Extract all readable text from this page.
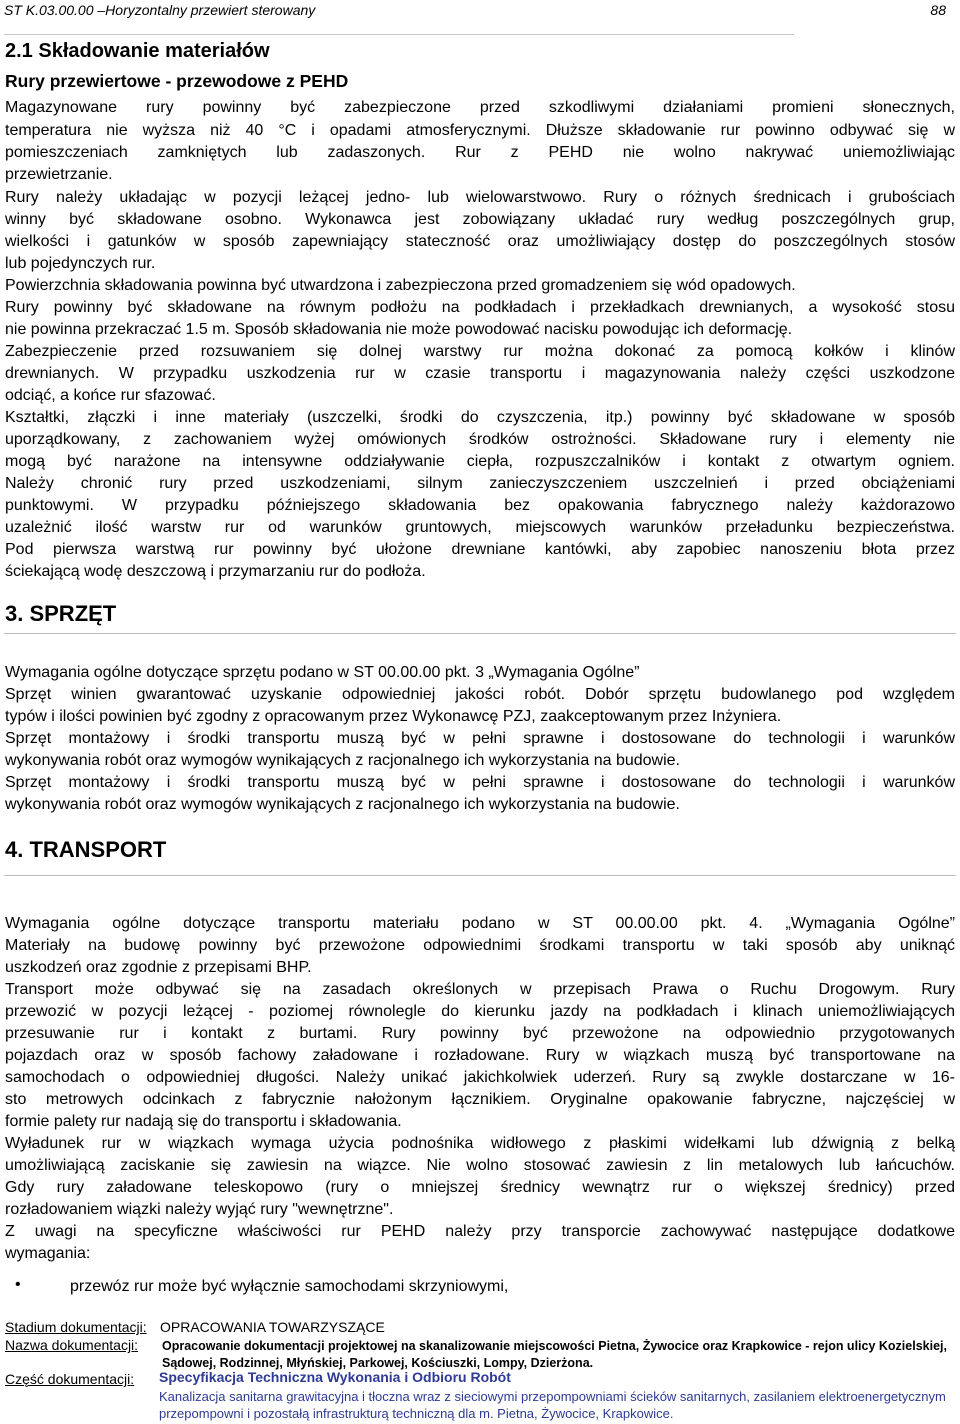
ST K.03.00.00 –Horyzontalny przewiert sterowany	88
2.1 Składowanie materiałów
Rury przewiertowe - przewodowe z PEHD
Magazynowane rury powinny być zabezpieczone przed szkodliwymi działaniami promieni słonecznych,
temperatura nie wyższa niż 40 °C i opadami atmosferycznymi. Dłuższe składowanie rur powinno odbywać się w
pomieszczeniach zamkniętych lub zadaszonych. Rur z PEHD nie wolno nakrywać uniemożliwiając
przewietrzanie.
Rury należy układając w pozycji leżącej jedno- lub wielowarstwowo. Rury o różnych średnicach i grubościach
winny być składowane osobno. Wykonawca jest zobowiązany układać rury według poszczególnych grup,
wielkości i gatunków w sposób zapewniający stateczność oraz umożliwiający dostęp do poszczególnych stosów
lub pojedynczych rur.
Powierzchnia składowania powinna być utwardzona i zabezpieczona przed gromadzeniem się wód opadowych.
Rury powinny być składowane na równym podłożu na podkładach i przekładkach drewnianych, a wysokość stosu
nie powinna przekraczać 1.5 m. Sposób składowania nie może powodować nacisku powodując ich deformację.
Zabezpieczenie przed rozsuwaniem się dolnej warstwy rur można dokonać za pomocą kołków i klinów
drewnianych. W przypadku uszkodzenia rur w czasie transportu i magazynowania należy części uszkodzone
odciąć, a końce rur sfazować.
Kształtki, złączki i inne materiały (uszczelki, środki do czyszczenia, itp.) powinny być składowane w sposób
uporządkowany, z zachowaniem wyżej omówionych środków ostrożności. Składowane rury i elementy nie
mogą być narażone na intensywne oddziaływanie ciepła, rozpuszczalników i kontakt z otwartym ogniem.
Należy chronić rury przed uszkodzeniami, silnym zanieczyszczeniem uszczelnień i przed obciążeniami
punktowymi. W przypadku późniejszego składowania bez opakowania fabrycznego należy każdorazowo
uzależnić ilość warstw rur od warunków gruntowych, miejscowych warunków przeładunku bezpieczeństwa.
Pod pierwsza warstwą rur powinny być ułożone drewniane kantówki, aby zapobiec nanoszeniu błota przez
ściekającą wodę deszczową i przymarzaniu rur do podłoża.
3. SPRZĘT
Wymagania ogólne dotyczące sprzętu podano w ST 00.00.00 pkt. 3 „Wymagania Ogólne”
Sprzęt winien gwarantować uzyskanie odpowiedniej jakości robót. Dobór sprzętu budowlanego pod względem
typów i ilości powinien być zgodny z opracowanym przez Wykonawcę PZJ, zaakceptowanym przez Inżyniera.
Sprzęt montażowy i środki transportu muszą być w pełni sprawne i dostosowane do technologii i warunków
wykonywania robót oraz wymogów wynikających z racjonalnego ich wykorzystania na budowie.
Sprzęt montażowy i środki transportu muszą być w pełni sprawne i dostosowane do technologii i warunków
wykonywania robót oraz wymogów wynikających z racjonalnego ich wykorzystania na budowie.
4. TRANSPORT
Wymagania ogólne dotyczące transportu materiału podano w ST 00.00.00 pkt. 4. „Wymagania Ogólne”
Materiały na budowę powinny być przewożone odpowiednimi środkami transportu w taki sposób aby uniknąć
uszkodzeń oraz zgodnie z przepisami BHP.
Transport może odbywać się na zasadach określonych w przepisach Prawa o Ruchu Drogowym. Rury
przewozić w pozycji leżącej - poziomej równolegle do kierunku jazdy na podkładach i klinach uniemożliwiających
przesuwanie rur i kontakt z burtami. Rury powinny być przewożone na odpowiednio przygotowanych
pojazdach oraz w sposób fachowy załadowane i rozładowane. Rury w wiązkach muszą być transportowane na
samochodach o odpowiedniej długości. Należy unikać jakichkolwiek uderzeń. Rury są zwykle dostarczane w 16-
sto metrowych odcinkach z fabrycznie nałożonym łącznikiem. Oryginalne opakowanie fabryczne, najczęściej w
formie palety rur nadają się do transportu i składowania.
Wyładunek rur w wiązkach wymaga użycia podnośnika widłowego z płaskimi widełkami lub dźwignią z belką
umożliwiającą zaciskanie się zawiesin na wiązce. Nie wolno stosować zawiesin z lin metalowych lub łańcuchów.
Gdy rury załadowane teleskopowo (rury o mniejszej średnicy wewnątrz rur o większej średnicy) przed
rozładowaniem wiązki należy wyjąć rury "wewnętrzne".
Z uwagi na specyficzne właściwości rur PEHD należy przy transporcie zachowywać następujące dodatkowe
wymagania:
•	przewóz rur może być wyłącznie samochodami skrzyniowymi,
Stadium dokumentacji: OPRACOWANIA TOWARZYSZĄCE
Nazwa dokumentacji: Opracowanie dokumentacji projektowej na skanalizowanie miejscowości Pietna, Żywocice oraz Krapkowice - rejon ulicy Kozielskiej,
Sądowej, Rodzinnej, Młyńskiej, Parkowej, Kościuszki, Lompy, Dzierżona.
Część dokumentacji: Specyfikacja Techniczna Wykonania i Odbioru Robót
Kanalizacja sanitarna grawitacyjna i tłoczna wraz z sieciowymi przepompowniami ścieków sanitarnych, zasilaniem elektroenergetycznym
przepompowni i pozostałą infrastrukturą techniczną dla m. Pietna, Żywocice, Krapkowice.
